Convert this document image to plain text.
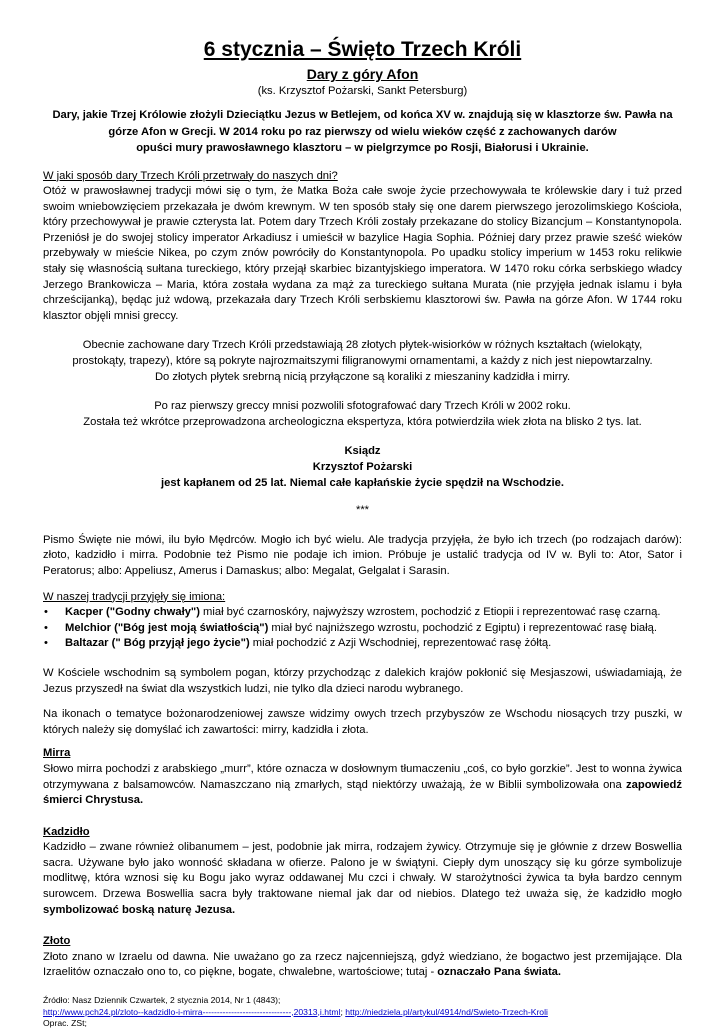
6 stycznia – Święto Trzech Króli
Dary z góry Afon
(ks. Krzysztof Pożarski, Sankt Petersburg)
Dary, jakie Trzej Królowie złożyli Dzieciątku Jezus w Betlejem, od końca XV w. znajdują się w klasztorze św. Pawła na
górze Afon w Grecji. W 2014 roku po raz pierwszy od wielu wieków część z zachowanych darów
opuści mury prawosławnego klasztoru – w pielgrzymce po Rosji, Białorusi i Ukrainie.
W jaki sposób dary Trzech Króli przetrwały do naszych dni?
Otóż w prawosławnej tradycji mówi się o tym, że Matka Boża całe swoje życie przechowywała te królewskie dary i tuż przed swoim wniebowzięciem przekazała je dwóm krewnym. W ten sposób stały się one darem pierwszego jerozolimskiego Kościoła, który przechowywał je prawie czterysta lat. Potem dary Trzech Króli zostały przekazane do stolicy Bizancjum – Konstantynopola. Przeniósł je do swojej stolicy imperator Arkadiusz i umieścił w bazylice Hagia Sophia. Później dary przez prawie sześć wieków przebywały w mieście Nikea, po czym znów powróciły do Konstantynopola. Po upadku stolicy imperium w 1453 roku relikwie stały się własnością sułtana tureckiego, który przejął skarbiec bizantyjskiego imperatora. W 1470 roku córka serbskiego władcy Jerzego Brankowicza – Maria, która została wydana za mąż za tureckiego sułtana Murata (nie przyjęła jednak islamu i była chrześcijanką), będąc już wdową, przekazała dary Trzech Króli serbskiemu klasztorowi św. Pawła na górze Afon. W 1744 roku klasztor objęli mnisi greccy.
Obecnie zachowane dary Trzech Króli przedstawiają 28 złotych płytek-wisiorków w różnych kształtach (wielokąty,
prostokąty, trapezy), które są pokryte najrozmaitszymi filigranowymi ornamentami, a każdy z nich jest niepowtarzalny.
Do złotych płytek srebrną nicią przyłączone są koraliki z mieszaniny kadzidła i mirry.
Po raz pierwszy greccy mnisi pozwolili sfotografować dary Trzech Króli w 2002 roku.
Została też wkrótce przeprowadzona archeologiczna ekspertyza, która potwierdziła wiek złota na blisko 2 tys. lat.
Ksiądz
Krzysztof Pożarski
jest kapłanem od 25 lat. Niemal całe kapłańskie życie spędził na Wschodzie.
***
Pismo Święte nie mówi, ilu było Mędrców. Mogło ich być wielu. Ale tradycja przyjęła, że było ich trzech (po rodzajach darów): złoto, kadzidło i mirra. Podobnie też Pismo nie podaje ich imion. Próbuje je ustalić tradycja od IV w. Byli to: Ator, Sator i Peratorus; albo: Appeliusz, Amerus i Damaskus; albo: Megalat, Gelgalat i Sarasin.
W naszej tradycji przyjęły się imiona:
• Kacper ("Godny chwały") miał być czarnoskóry, najwyższy wzrostem, pochodzić z Etiopii i reprezentować rasę czarną.
• Melchior ("Bóg jest moją światłością") miał być najniższego wzrostu, pochodzić z Egiptu) i reprezentować rasę białą.
• Baltazar (" Bóg przyjął jego życie") miał pochodzić z Azji Wschodniej, reprezentować rasę żółtą.
W Kościele wschodnim są symbolem pogan, którzy przychodząc z dalekich krajów pokłonić się Mesjaszowi, uświadamiają, że Jezus przyszedł na świat dla wszystkich ludzi, nie tylko dla dzieci narodu wybranego.
Na ikonach o tematyce bożonarodzeniowej zawsze widzimy owych trzech przybyszów ze Wschodu niosących trzy puszki, w których należy się domyślać ich zawartości: mirry, kadzidła i złota.
Mirra
Słowo mirra pochodzi z arabskiego „murr”, które oznacza w dosłownym tłumaczeniu „coś, co było gorzkie”. Jest to wonna żywica otrzymywana z balsamowców. Namaszczano nią zmarłych, stąd niektórzy uważają, że w Biblii symbolizowała ona zapowiedź śmierci Chrystusa.
Kadzidło
Kadzidło – zwane również olibanumem – jest, podobnie jak mirra, rodzajem żywicy. Otrzymuje się je głównie z drzew Boswellia sacra. Używane było jako wonność składana w ofierze. Palono je w świątyni. Ciepły dym unoszący się ku górze symbolizuje modlitwę, która wznosi się ku Bogu jako wyraz oddawanej Mu czci i chwały. W starożytności żywica ta była bardzo cennym surowcem. Drzewa Boswellia sacra były traktowane niemal jak dar od niebios. Dlatego też uważa się, że kadzidło mogło symbolizować boską naturę Jezusa.
Złoto
Złoto znano w Izraelu od dawna. Nie uważano go za rzecz najcenniejszą, gdyż wiedziano, że bogactwo jest przemijające. Dla Izraelitów oznaczało ono to, co piękne, bogate, chwalebne, wartościowe; tutaj - oznaczało Pana świata.
Źródło: Nasz Dziennik Czwartek, 2 stycznia 2014, Nr 1 (4843);
http://www.pch24.pl/zloto--kadzidlo-i-mirra-------------------------------,20313,i.html; http://niedziela.pl/artykul/4914/nd/Swieto-Trzech-Kroli
Oprac. ZSt;
